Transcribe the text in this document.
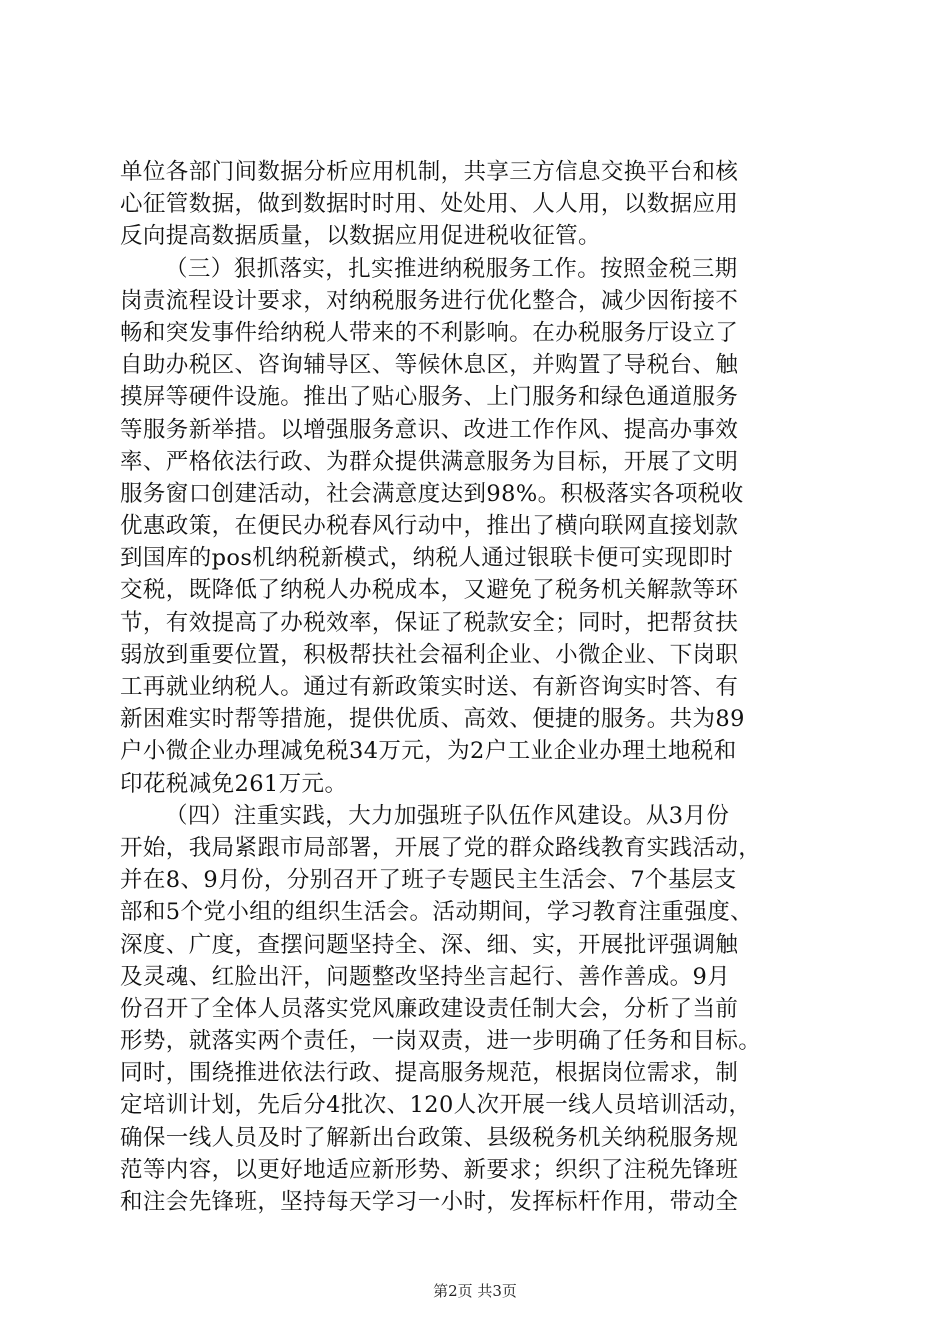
单位各部门间数据分析应用机制，共享三方信息交换平台和核
心征管数据，做到数据时时用、处处用、人人用，以数据应用
反向提高数据质量，以数据应用促进税收征管。
（三）狠抓落实，扎实推进纳税服务工作。按照金税三期
岗责流程设计要求，对纳税服务进行优化整合，减少因衔接不
畅和突发事件给纳税人带来的不利影响。在办税服务厅设立了
自助办税区、咨询辅导区、等候休息区，并购置了导税台、触
摸屏等硬件设施。推出了贴心服务、上门服务和绿色通道服务
等服务新举措。以增强服务意识、改进工作作风、提高办事效
率、严格依法行政、为群众提供满意服务为目标，开展了文明
服务窗口创建活动，社会满意度达到98%。积极落实各项税收
优惠政策，在便民办税春风行动中，推出了横向联网直接划款
到国库的pos机纳税新模式，纳税人通过银联卡便可实现即时
交税，既降低了纳税人办税成本，又避免了税务机关解款等环
节，有效提高了办税效率，保证了税款安全；同时，把帮贫扶
弱放到重要位置，积极帮扶社会福利企业、小微企业、下岗职
工再就业纳税人。通过有新政策实时送、有新咨询实时答、有
新困难实时帮等措施，提供优质、高效、便捷的服务。共为89
户小微企业办理减免税34万元，为2户工业企业办理土地税和
印花税减免261万元。
（四）注重实践，大力加强班子队伍作风建设。从3月份
开始，我局紧跟市局部署，开展了党的群众路线教育实践活动，
并在8、9月份，分别召开了班子专题民主生活会、7个基层支
部和5个党小组的组织生活会。活动期间，学习教育注重强度、
深度、广度，查摆问题坚持全、深、细、实，开展批评强调触
及灵魂、红脸出汗，问题整改坚持坐言起行、善作善成。9月
份召开了全体人员落实党风廉政建设责任制大会，分析了当前
形势，就落实两个责任，一岗双责，进一步明确了任务和目标。
同时，围绕推进依法行政、提高服务规范，根据岗位需求，制
定培训计划，先后分4批次、120人次开展一线人员培训活动，
确保一线人员及时了解新出台政策、县级税务机关纳税服务规
范等内容，以更好地适应新形势、新要求；织织了注税先锋班
和注会先锋班，坚持每天学习一小时，发挥标杆作用，带动全
第2页 共3页
